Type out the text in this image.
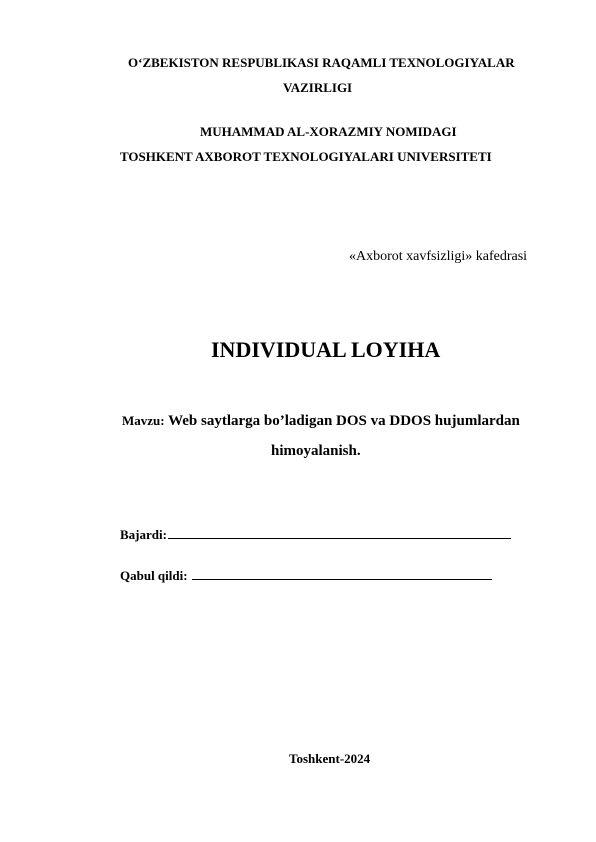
O‘ZBEKISTON RESPUBLIKASI RAQAMLI TEXNOLOGIYALAR
VAZIRLIGI
MUHAMMAD AL-XORAZMIY NOMIDAGI
TOSHKENT AXBOROT TEXNOLOGIYALARI UNIVERSITETI
«Axborot xavfsizligi» kafedrasi
INDIVIDUAL LOYIHA
Mavzu: Web saytlarga bo’ladigan DOS va DDOS hujumlardan
himoyalanish.
Bajardi:
Qabul qildi:
Toshkent-2024
